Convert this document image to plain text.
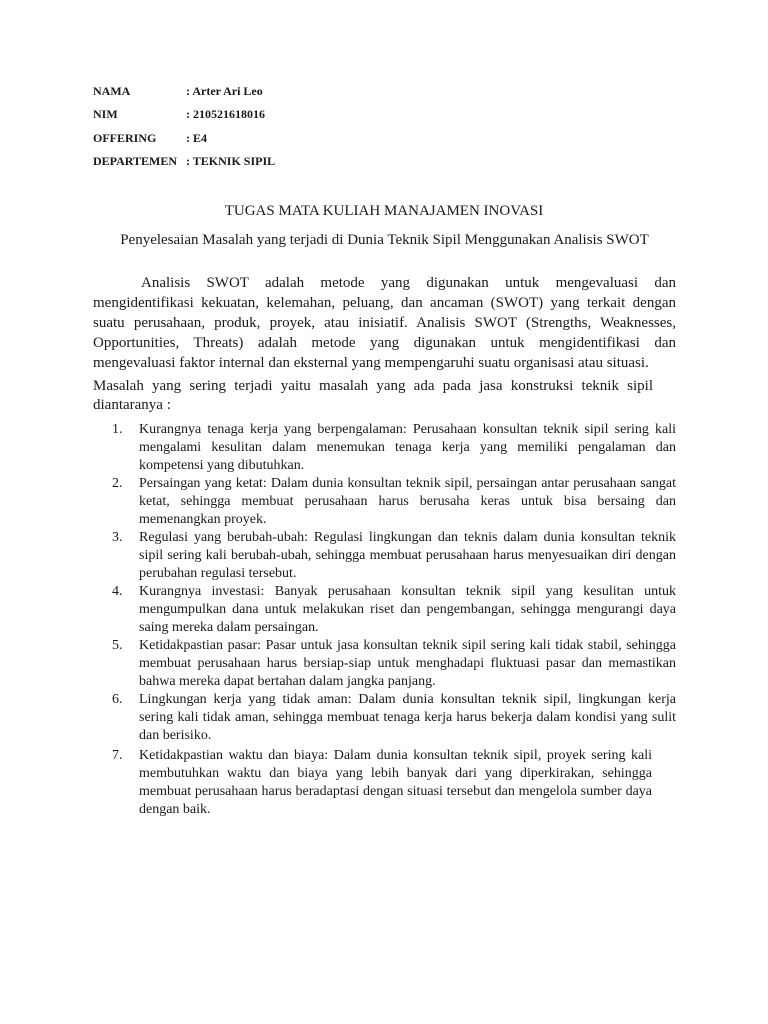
NAMA	: Arter Ari Leo
NIM	: 210521618016
OFFERING	: E4
DEPARTEMEN : TEKNIK SIPIL
TUGAS MATA KULIAH MANAJAMEN INOVASI
Penyelesaian Masalah yang terjadi di Dunia Teknik Sipil Menggunakan Analisis SWOT

Analisis SWOT adalah metode yang digunakan untuk mengevaluasi dan mengidentifikasi kekuatan, kelemahan, peluang, dan ancaman (SWOT) yang terkait dengan suatu perusahaan, produk, proyek, atau inisiatif. Analisis SWOT (Strengths, Weaknesses, Opportunities, Threats) adalah metode yang digunakan untuk mengidentifikasi dan mengevaluasi faktor internal dan eksternal yang mempengaruhi suatu organisasi atau situasi.

Masalah yang sering terjadi yaitu masalah yang ada pada jasa konstruksi teknik sipil diantaranya :

1. Kurangnya tenaga kerja yang berpengalaman: Perusahaan konsultan teknik sipil sering kali mengalami kesulitan dalam menemukan tenaga kerja yang memiliki pengalaman dan kompetensi yang dibutuhkan.
2. Persaingan yang ketat: Dalam dunia konsultan teknik sipil, persaingan antar perusahaan sangat ketat, sehingga membuat perusahaan harus berusaha keras untuk bisa bersaing dan memenangkan proyek.
3. Regulasi yang berubah-ubah: Regulasi lingkungan dan teknis dalam dunia konsultan teknik sipil sering kali berubah-ubah, sehingga membuat perusahaan harus menyesuaikan diri dengan perubahan regulasi tersebut.
4. Kurangnya investasi: Banyak perusahaan konsultan teknik sipil yang kesulitan untuk mengumpulkan dana untuk melakukan riset dan pengembangan, sehingga mengurangi daya saing mereka dalam persaingan.
5. Ketidakpastian pasar: Pasar untuk jasa konsultan teknik sipil sering kali tidak stabil, sehingga membuat perusahaan harus bersiap-siap untuk menghadapi fluktuasi pasar dan memastikan bahwa mereka dapat bertahan dalam jangka panjang.
6. Lingkungan kerja yang tidak aman: Dalam dunia konsultan teknik sipil, lingkungan kerja sering kali tidak aman, sehingga membuat tenaga kerja harus bekerja dalam kondisi yang sulit dan berisiko.
7. Ketidakpastian waktu dan biaya: Dalam dunia konsultan teknik sipil, proyek sering kali membutuhkan waktu dan biaya yang lebih banyak dari yang diperkirakan, sehingga membuat perusahaan harus beradaptasi dengan situasi tersebut dan mengelola sumber daya dengan baik.
